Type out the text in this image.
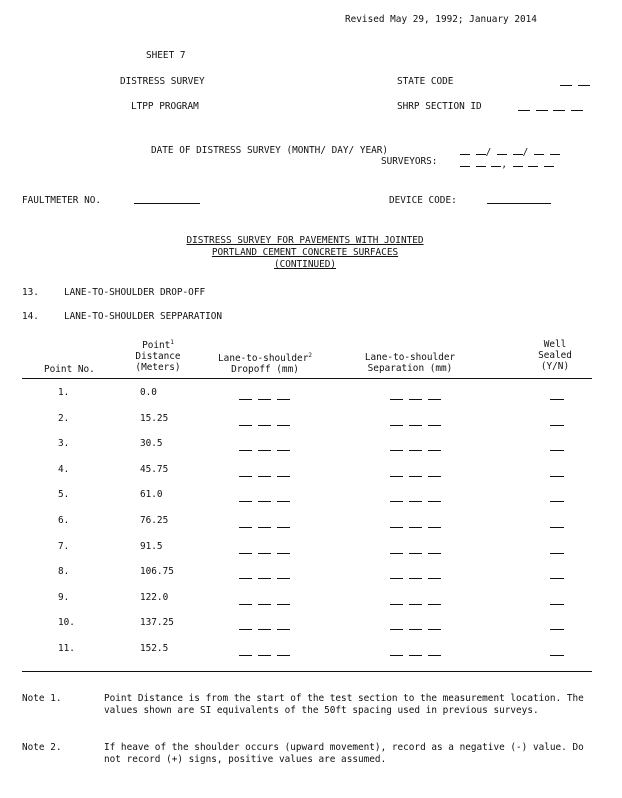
Revised May 29, 1992; January 2014
SHEET 7
DISTRESS SURVEY
LTPP PROGRAM
STATE CODE

SHRP SECTION ID

DATE OF DISTRESS SURVEY (MONTH/ DAY/ YEAR)	/	/
SURVEYORS:	,
FAULTMETER NO.	DEVICE CODE:
DISTRESS SURVEY FOR PAVEMENTS WITH JOINTED
PORTLAND CEMENT CONCRETE SURFACES
(CONTINUED)
13.	LANE-TO-SHOULDER DROP-OFF
14.	LANE-TO-SHOULDER SEPPARATION
Point No.
Point$^1$
Distance
(Meters)
Lane-to-shoulder$^2$
Dropoff (mm)
Lane-to-shoulder
Separation (mm)
Well
Sealed
(Y/N)
1.	0.0
2.	15.25
3.	30.5
4.	45.75
5.	61.0
6.	76.25
7.	91.5
8.	106.75
9.	122.0
10.	137.25
11.	152.5
Note 1.	Point Distance is from the start of the test section to the measurement location. The values shown are SI equivalents of the 50ft spacing used in previous surveys.
Note 2.	If heave of the shoulder occurs (upward movement), record as a negative (-) value. Do not record (+) signs, positive values are assumed.
